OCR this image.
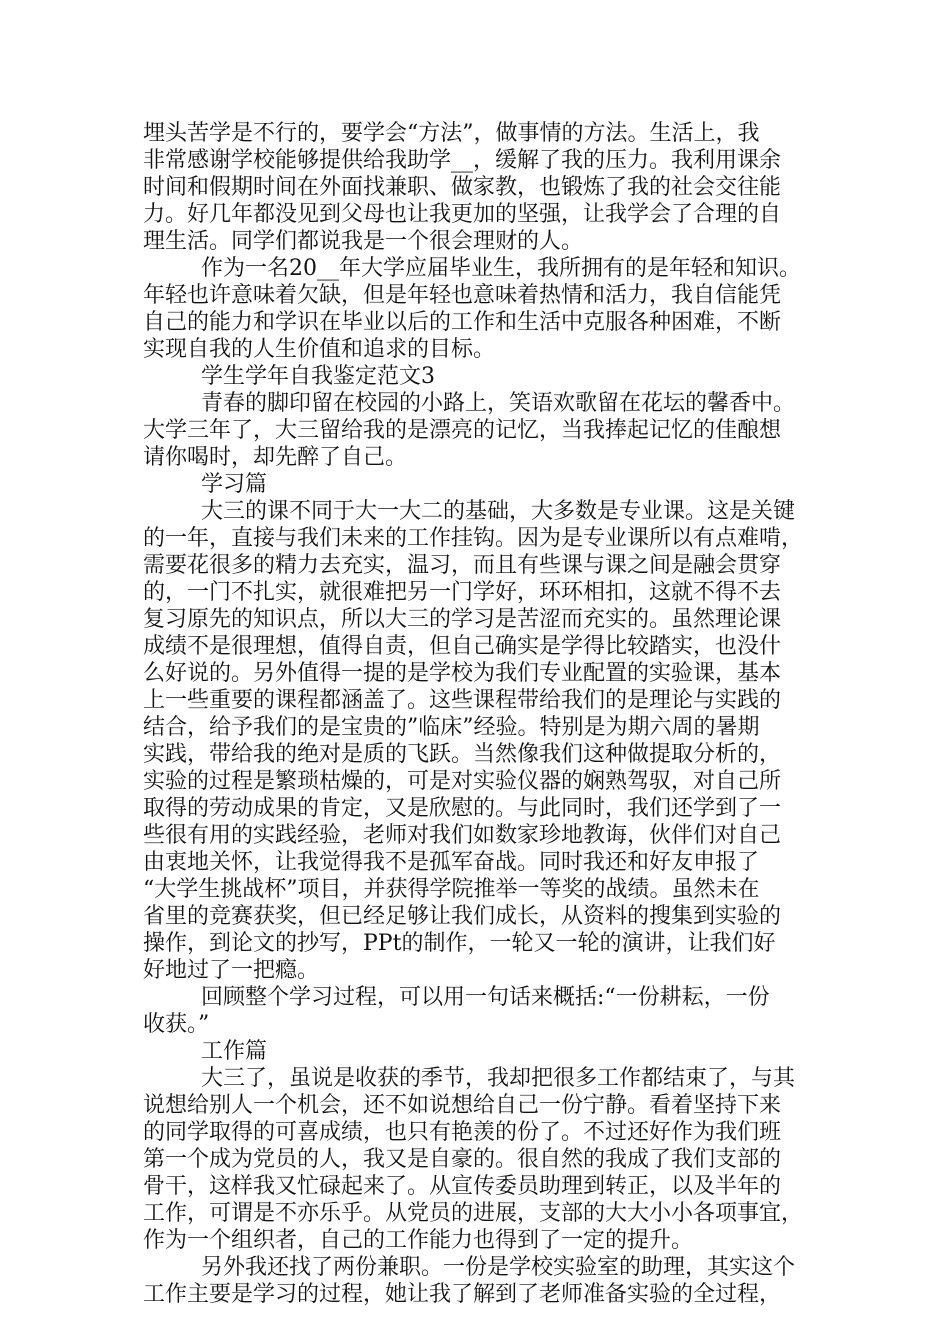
埋头苦学是不行的，要学会“方法”，做事情的方法。生活上，我
非常感谢学校能够提供给我助学__，缓解了我的压力。我利用课余
时间和假期时间在外面找兼职、做家教，也锻炼了我的社会交往能
力。好几年都没见到父母也让我更加的坚强，让我学会了合理的自
理生活。同学们都说我是一个很会理财的人。
作为一名20__年大学应届毕业生，我所拥有的是年轻和知识。
年轻也许意味着欠缺，但是年轻也意味着热情和活力，我自信能凭
自己的能力和学识在毕业以后的工作和生活中克服各种困难，不断
实现自我的人生价值和追求的目标。
学生学年自我鉴定范文3
青春的脚印留在校园的小路上，笑语欢歌留在花坛的馨香中。
大学三年了，大三留给我的是漂亮的记忆，当我捧起记忆的佳酿想
请你喝时，却先醉了自己。
学习篇
大三的课不同于大一大二的基础，大多数是专业课。这是关键
的一年，直接与我们未来的工作挂钩。因为是专业课所以有点难啃，
需要花很多的精力去充实，温习，而且有些课与课之间是融会贯穿
的，一门不扎实，就很难把另一门学好，环环相扣，这就不得不去
复习原先的知识点，所以大三的学习是苦涩而充实的。虽然理论课
成绩不是很理想，值得自责，但自己确实是学得比较踏实，也没什
么好说的。另外值得一提的是学校为我们专业配置的实验课，基本
上一些重要的课程都涵盖了。这些课程带给我们的是理论与实践的
结合，给予我们的是宝贵的”临床”经验。特别是为期六周的暑期
实践，带给我的绝对是质的飞跃。当然像我们这种做提取分析的，
实验的过程是繁琐枯燥的，可是对实验仪器的娴熟驾驭，对自己所
取得的劳动成果的肯定，又是欣慰的。与此同时，我们还学到了一
些很有用的实践经验，老师对我们如数家珍地教诲，伙伴们对自己
由衷地关怀，让我觉得我不是孤军奋战。同时我还和好友申报了
“大学生挑战杯”项目，并获得学院推举一等奖的战绩。虽然未在
省里的竞赛获奖，但已经足够让我们成长，从资料的搜集到实验的
操作，到论文的抄写，PPt的制作，一轮又一轮的演讲，让我们好
好地过了一把瘾。
回顾整个学习过程，可以用一句话来概括:“一份耕耘，一份
收获。”
工作篇
大三了，虽说是收获的季节，我却把很多工作都结束了，与其
说想给别人一个机会，还不如说想给自己一份宁静。看着坚持下来
的同学取得的可喜成绩，也只有艳羡的份了。不过还好作为我们班
第一个成为党员的人，我又是自豪的。很自然的我成了我们支部的
骨干，这样我又忙碌起来了。从宣传委员助理到转正，以及半年的
工作，可谓是不亦乐乎。从党员的进展，支部的大大小小各项事宜，
作为一个组织者，自己的工作能力也得到了一定的提升。
另外我还找了两份兼职。一份是学校实验室的助理，其实这个
工作主要是学习的过程，她让我了解到了老师准备实验的全过程，
